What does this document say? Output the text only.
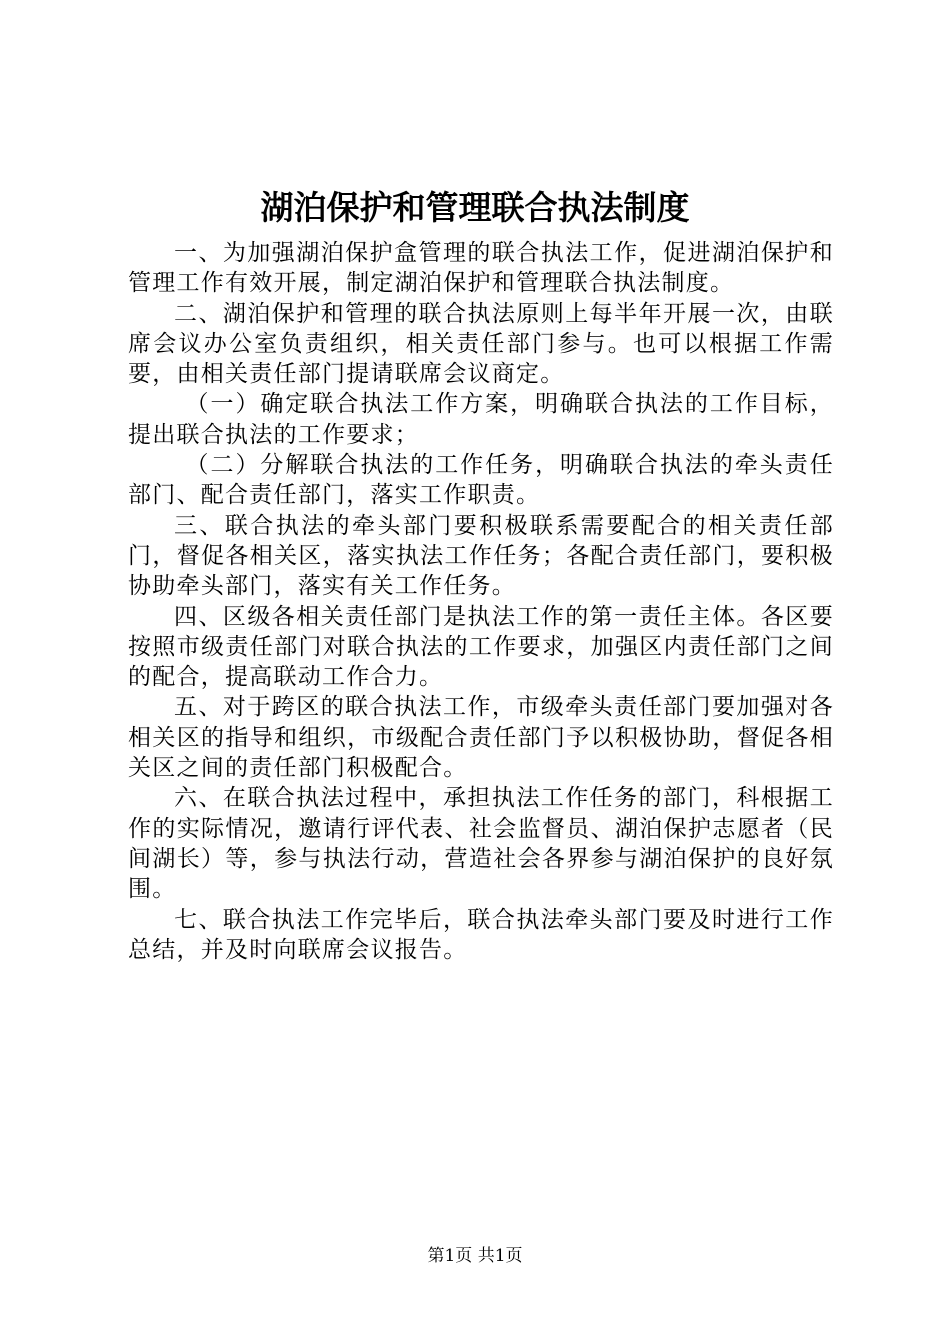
湖泊保护和管理联合执法制度

一、为加强湖泊保护盒管理的联合执法工作，促进湖泊保护和管理工作有效开展，制定湖泊保护和管理联合执法制度。

二、湖泊保护和管理的联合执法原则上每半年开展一次，由联席会议办公室负责组织，相关责任部门参与。也可以根据工作需要，由相关责任部门提请联席会议商定。

（一）确定联合执法工作方案，明确联合执法的工作目标，提出联合执法的工作要求；

（二）分解联合执法的工作任务，明确联合执法的牵头责任部门、配合责任部门，落实工作职责。

三、联合执法的牵头部门要积极联系需要配合的相关责任部门，督促各相关区，落实执法工作任务；各配合责任部门，要积极协助牵头部门，落实有关工作任务。

四、区级各相关责任部门是执法工作的第一责任主体。各区要按照市级责任部门对联合执法的工作要求，加强区内责任部门之间的配合，提高联动工作合力。

五、对于跨区的联合执法工作，市级牵头责任部门要加强对各相关区的指导和组织，市级配合责任部门予以积极协助，督促各相关区之间的责任部门积极配合。

六、在联合执法过程中，承担执法工作任务的部门，科根据工作的实际情况，邀请行评代表、社会监督员、湖泊保护志愿者（民间湖长）等，参与执法行动，营造社会各界参与湖泊保护的良好氛围。

七、联合执法工作完毕后，联合执法牵头部门要及时进行工作总结，并及时向联席会议报告。

第1页 共1页
